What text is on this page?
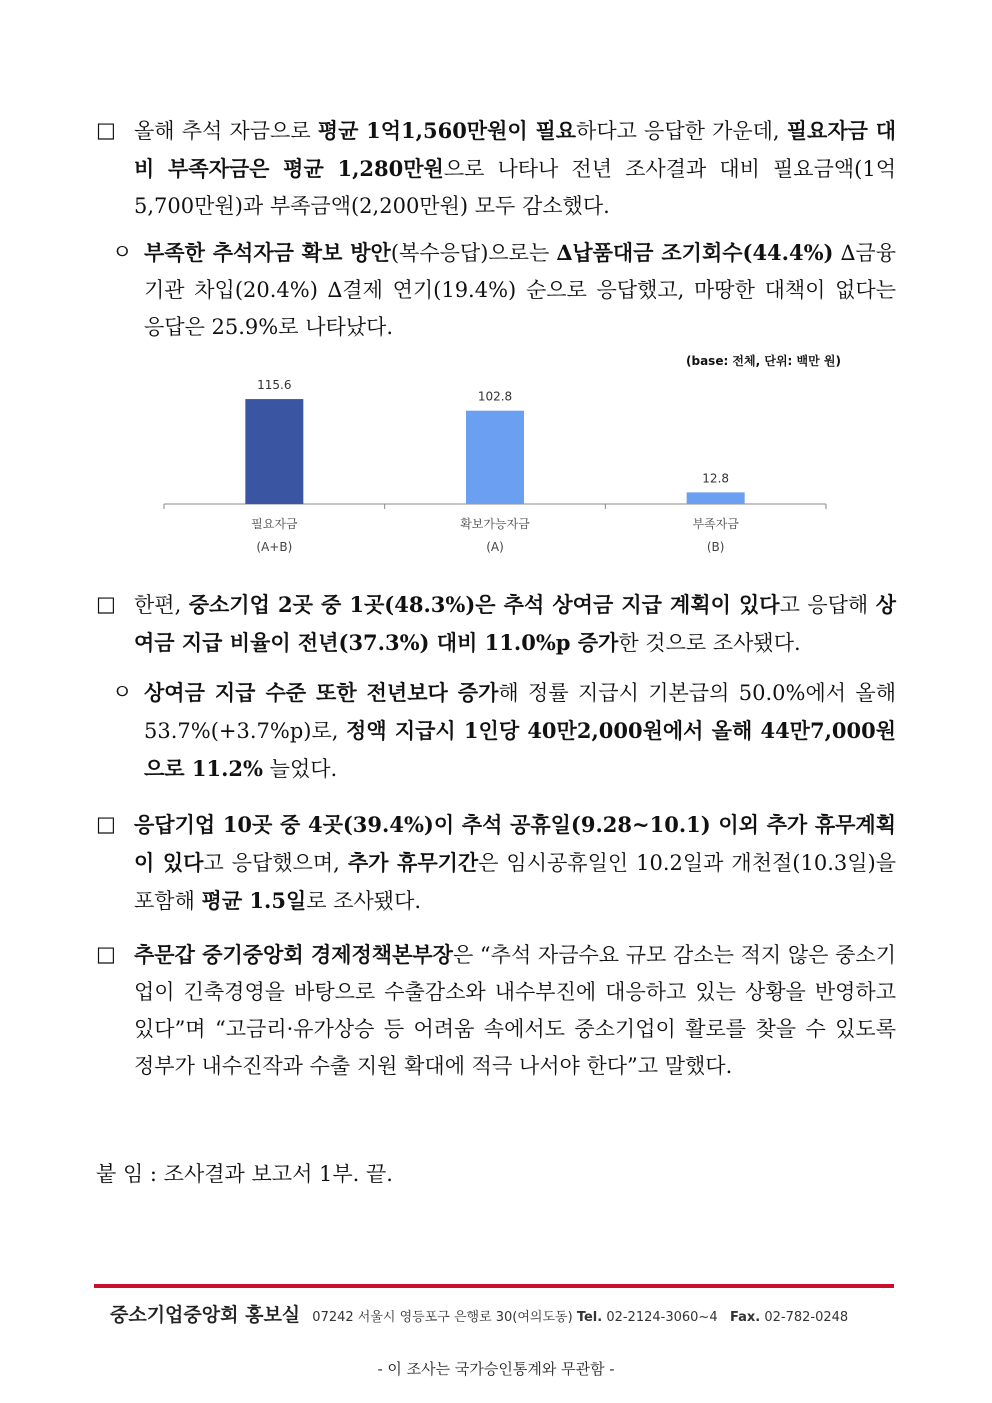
□ 올해 추석 자금으로 평균 1억1,560만원이 필요하다고 응답한 가운데, 필요자금 대비 부족자금은 평균 1,280만원으로 나타나 전년 조사결과 대비 필요금액(1억5,700만원)과 부족금액(2,200만원) 모두 감소했다.
ㅇ 부족한 추석자금 확보 방안(복수응답)으로는 ∆납품대금 조기회수(44.4%) ∆금융기관 차입(20.4%) ∆결제 연기(19.4%) 순으로 응답했고, 마땅한 대책이 없다는 응답은 25.9%로 나타났다.
(base: 전체, 단위: 백만 원)
115.6
필요자금
(A+B)
102.8
확보가능자금
(A)
12.8
부족자금
(B)
□ 한편, 중소기업 2곳 중 1곳(48.3%)은 추석 상여금 지급 계획이 있다고 응답해 상여금 지급 비율이 전년(37.3%) 대비 11.0%p 증가한 것으로 조사됐다.
ㅇ 상여금 지급 수준 또한 전년보다 증가해 정률 지급시 기본급의 50.0%에서 올해 53.7%(+3.7%p)로, 정액 지급시 1인당 40만2,000원에서 올해 44만7,000원으로 11.2% 늘었다.
□ 응답기업 10곳 중 4곳(39.4%)이 추석 공휴일(9.28~10.1) 이외 추가 휴무계획이 있다고 응답했으며, 추가 휴무기간은 임시공휴일인 10.2일과 개천절(10.3일)을 포함해 평균 1.5일로 조사됐다.
□ 추문갑 중기중앙회 경제정책본부장은 “추석 자금수요 규모 감소는 적지 않은 중소기업이 긴축경영을 바탕으로 수출감소와 내수부진에 대응하고 있는 상황을 반영하고 있다”며 “고금리·유가상승 등 어려움 속에서도 중소기업이 활로를 찾을 수 있도록 정부가 내수진작과 수출 지원 확대에 적극 나서야 한다”고 말했다.
붙 임 : 조사결과 보고서 1부. 끝.
중소기업중앙회 홍보실 07242 서울시 영등포구 은행로 30(여의도동) Tel. 02-2124-3060~4 Fax. 02-782-0248
- 이 조사는 국가승인통계와 무관함 -
